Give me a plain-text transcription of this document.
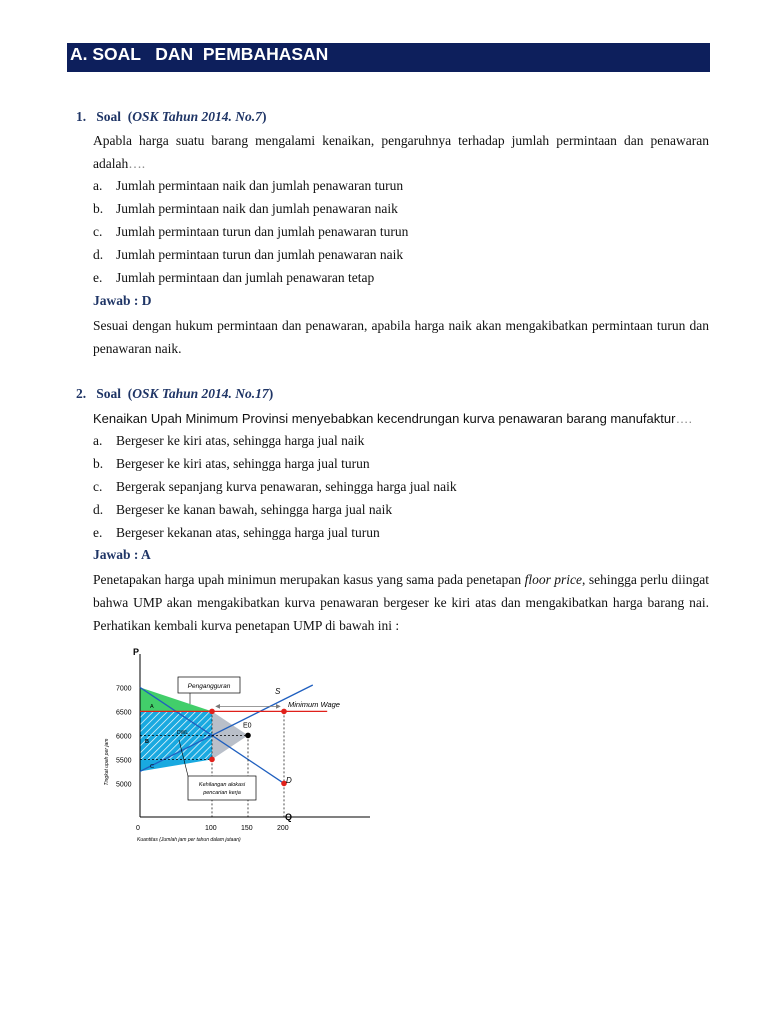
A. SOAL   DAN  PEMBAHASAN
1. Soal  (OSK Tahun 2014. No.7)
Apabla harga suatu barang mengalami kenaikan, pengaruhnya terhadap jumlah permintaan dan penawaran adalah….
a. Jumlah permintaan naik dan jumlah penawaran turun
b. Jumlah permintaan naik dan jumlah penawaran naik
c. Jumlah permintaan turun dan jumlah penawaran turun
d. Jumlah permintaan turun dan jumlah penawaran naik
e. Jumlah permintaan dan jumlah penawaran tetap
Jawab : D
Sesuai dengan hukum permintaan dan penawaran, apabila harga naik akan mengakibatkan permintaan turun dan penawaran naik.
2. Soal  (OSK Tahun 2014. No.17)
Kenaikan Upah Minimum Provinsi menyebabkan kecendrungan kurva penawaran barang manufaktur….
a. Bergeser ke kiri atas, sehingga harga jual naik
b. Bergeser ke kiri atas, sehingga harga jual turun
c. Bergerak sepanjang kurva penawaran, sehingga harga jual naik
d. Bergeser ke kanan bawah, sehingga harga jual naik
e. Bergeser kekanan atas, sehingga harga jual turun
Jawab : A
Penetapakan harga upah minimun merupakan kasus yang sama pada penetapan floor price, sehingga perlu diingat bahwa UMP akan mengakibatkan kurva penawaran bergeser ke kiri atas dan mengakibatkan harga barang nai. Perhatikan kembali kurva penetapan UMP di bawah ini :
P
Q
0
7000
6500
6000
5500
5000
100	150	200
S
D
Minimum Wage
E0
A
B
C
DWL
Pengangguran
Kehilangan alokasi
pencarian kerja
Tingkat upah per jam
Kuantitas (Jumlah jam per tahun dalam jutaan)
